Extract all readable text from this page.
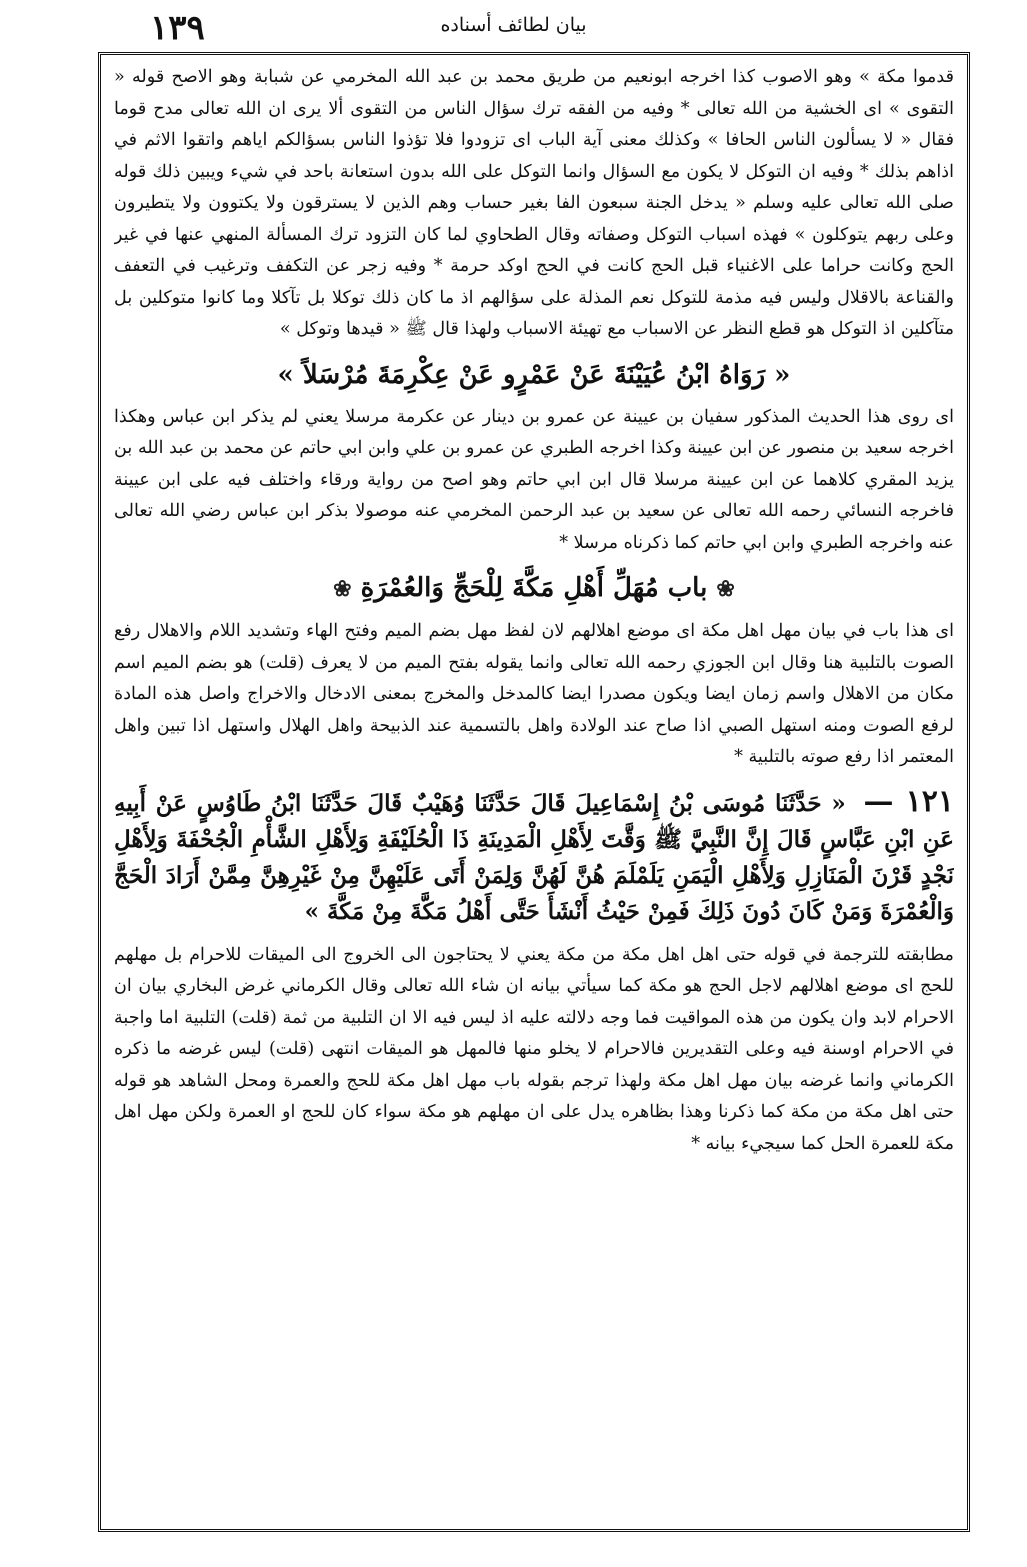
١٣٩	بيان لطائف أسناده

قدموا مكة » وهو الاصوب كذا اخرجه ابونعيم من طريق محمد بن عبد الله المخرمي عن شبابة وهو الاصح قوله « التقوى » اى الخشية من الله تعالى * وفيه من الفقه ترك سؤال الناس من التقوى ألا يرى ان الله تعالى مدح قوما فقال « لا يسألون الناس الحافا » وكذلك معنى آية الباب اى تزودوا فلا تؤذوا الناس بسؤالكم اياهم واتقوا الاثم في اذاهم بذلك * وفيه ان التوكل لا يكون مع السؤال وانما التوكل على الله بدون استعانة باحد في شيء ويبين ذلك قوله صلى الله تعالى عليه وسلم « يدخل الجنة سبعون الفا بغير حساب وهم الذين لا يسترقون ولا يكتوون ولا يتطيرون وعلى ربهم يتوكلون » فهذه اسباب التوكل وصفاته وقال الطحاوي لما كان التزود ترك المسألة المنهي عنها في غير الحج وكانت حراما على الاغنياء قبل الحج كانت في الحج اوكد حرمة * وفيه زجر عن التكفف وترغيب في التعفف والقناعة بالاقلال وليس فيه مذمة للتوكل نعم المذلة على سؤالهم اذ ما كان ذلك توكلا بل تآكلا وما كانوا متوكلين بل متآكلين اذ التوكل هو قطع النظر عن الاسباب مع تهيئة الاسباب ولهذا قال ﷺ « قيدها وتوكل »

« رَوَاهُ ابْنُ عُيَيْنَةَ عَنْ عَمْرٍو عَنْ عِكْرِمَةَ مُرْسَلاً »

اى روى هذا الحديث المذكور سفيان بن عيينة عن عمرو بن دينار عن عكرمة مرسلا يعني لم يذكر ابن عباس وهكذا اخرجه سعيد بن منصور عن ابن عيينة وكذا اخرجه الطبري عن عمرو بن علي وابن ابي حاتم عن محمد بن عبد الله بن يزيد المقري كلاهما عن ابن عيينة مرسلا قال ابن ابي حاتم وهو اصح من رواية ورقاء واختلف فيه على ابن عيينة فاخرجه النسائي رحمه الله تعالى عن سعيد بن عبد الرحمن المخرمي عنه موصولا بذكر ابن عباس رضي الله تعالى عنه واخرجه الطبري وابن ابي حاتم كما ذكرناه مرسلا *

❀ باب مُهَلِّ أَهْلِ مَكَّةَ لِلْحَجِّ وَالعُمْرَةِ ❀

اى هذا باب في بيان مهل اهل مكة اى موضع اهلالهم لان لفظ مهل بضم الميم وفتح الهاء وتشديد اللام والاهلال رفع الصوت بالتلبية هنا وقال ابن الجوزي رحمه الله تعالى وانما يقوله بفتح الميم من لا يعرف (قلت) هو بضم الميم اسم مكان من الاهلال واسم زمان ايضا ويكون مصدرا ايضا كالمدخل والمخرج بمعنى الادخال والاخراج واصل هذه المادة لرفع الصوت ومنه استهل الصبي اذا صاح عند الولادة واهل بالتسمية عند الذبيحة واهل الهلال واستهل اذا تبين واهل المعتمر اذا رفع صوته بالتلبية *

١٢١ — « حَدَّثَنَا مُوسَى بْنُ إِسْمَاعِيلَ قَالَ حَدَّثَنَا وُهَيْبٌ قَالَ حَدَّثَنَا ابْنُ طَاوُسٍ عَنْ أَبِيهِ عَنِ ابْنِ عَبَّاسٍ قَالَ إِنَّ النَّبِيَّ ﷺ وَقَّتَ لِأَهْلِ الْمَدِينَةِ ذَا الْحُلَيْفَةِ وَلِأَهْلِ الشَّأْمِ الْجُحْفَةَ وَلِأَهْلِ نَجْدٍ قَرْنَ الْمَنَازِلِ وَلِأَهْلِ الْيَمَنِ يَلَمْلَمَ هُنَّ لَهُنَّ وَلِمَنْ أَتَى عَلَيْهِنَّ مِنْ غَيْرِهِنَّ مِمَّنْ أَرَادَ الْحَجَّ وَالْعُمْرَةَ وَمَنْ كَانَ دُونَ ذَلِكَ فَمِنْ حَيْثُ أَنْشَأَ حَتَّى أَهْلُ مَكَّةَ مِنْ مَكَّةَ »

مطابقته للترجمة في قوله حتى اهل اهل مكة من مكة يعني لا يحتاجون الى الخروج الى الميقات للاحرام بل مهلهم للحج اى موضع اهلالهم لاجل الحج هو مكة كما سيأتي بيانه ان شاء الله تعالى وقال الكرماني غرض البخاري بيان ان الاحرام لابد وان يكون من هذه المواقيت فما وجه دلالته عليه اذ ليس فيه الا ان التلبية من ثمة (قلت) التلبية اما واجبة في الاحرام اوسنة فيه وعلى التقديرين فالاحرام لا يخلو منها فالمهل هو الميقات انتهى (قلت) ليس غرضه ما ذكره الكرماني وانما غرضه بيان مهل اهل مكة ولهذا ترجم بقوله باب مهل اهل مكة للحج والعمرة ومحل الشاهد هو قوله حتى اهل مكة من مكة كما ذكرنا وهذا بظاهره يدل على ان مهلهم هو مكة سواء كان للحج او العمرة ولكن مهل اهل مكة للعمرة الحل كما سيجيء بيانه *
